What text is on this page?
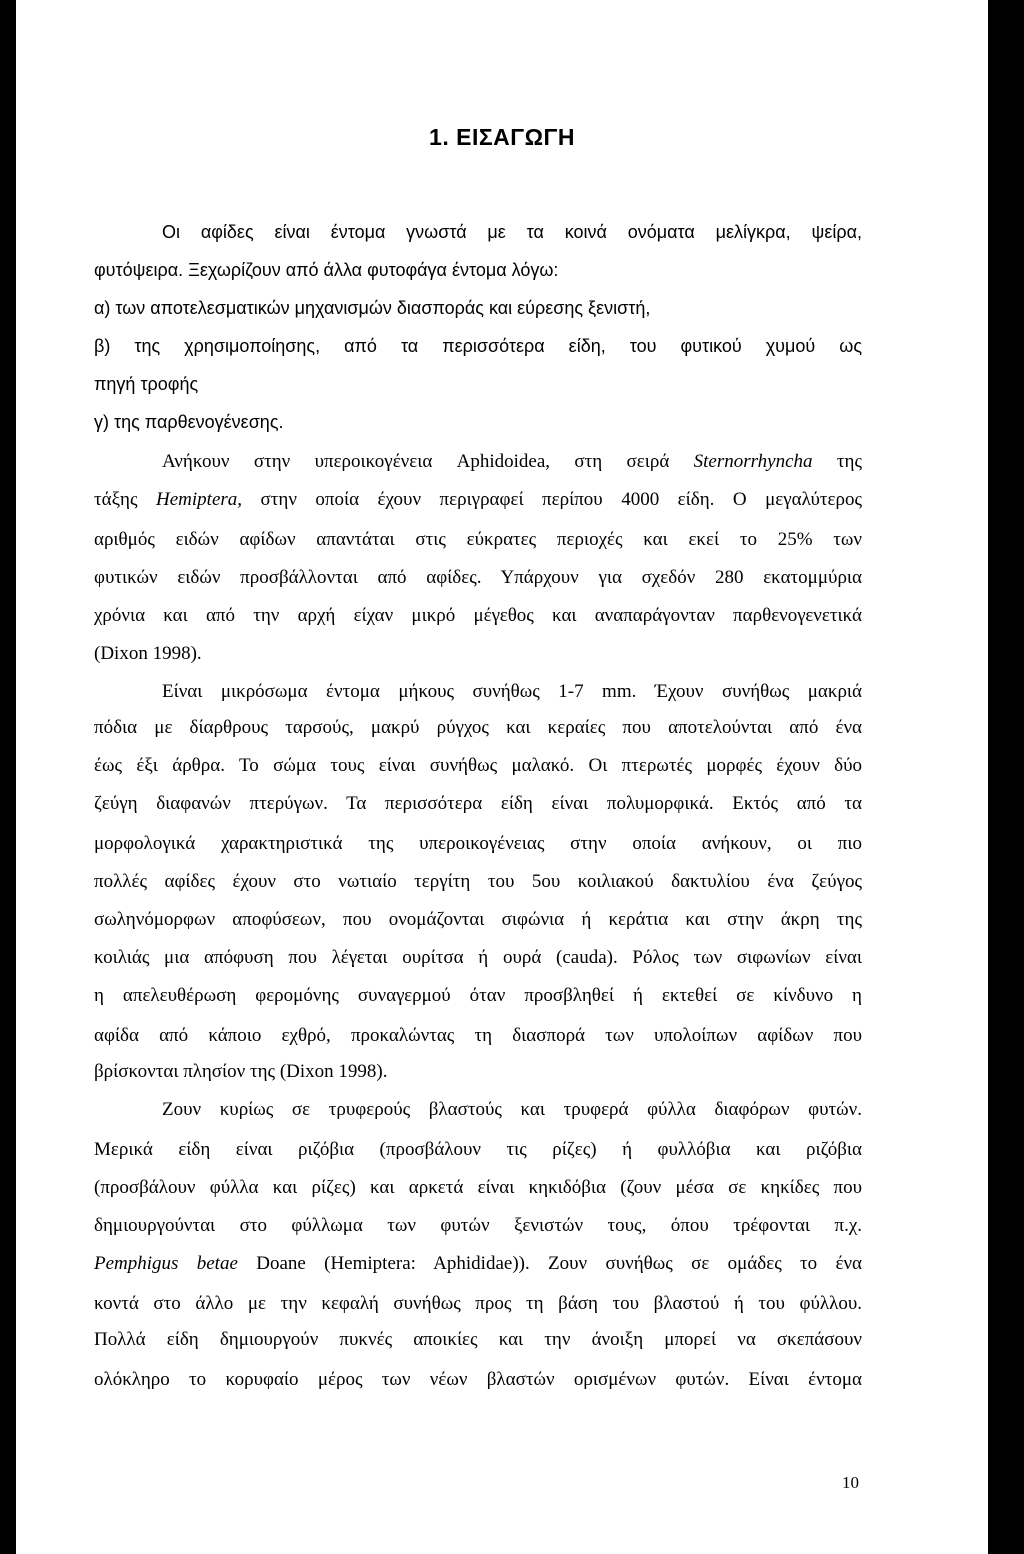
1. ΕΙΣΑΓΩΓΗ
Οι αφίδες είναι έντομα γνωστά με τα κοινά ονόματα μελίγκρα, ψείρα,
φυτόψειρα. Ξεχωρίζουν από άλλα φυτοφάγα έντομα λόγω:
α) των αποτελεσματικών μηχανισμών διασποράς και εύρεσης ξενιστή,
β) της χρησιμοποίησης, από τα περισσότερα είδη, του φυτικού χυμού ως
πηγή τροφής
γ) της παρθενογένεσης.
Ανήκουν στην υπεροικογένεια Aphidoidea, στη σειρά Sternorrhyncha της
τάξης Hemiptera, στην οποία έχουν περιγραφεί περίπου 4000 είδη. Ο μεγαλύτερος
αριθμός ειδών αφίδων απαντάται στις εύκρατες περιοχές και εκεί το 25% των
φυτικών ειδών προσβάλλονται από αφίδες. Υπάρχουν για σχεδόν 280 εκατομμύρια
χρόνια και από την αρχή είχαν μικρό μέγεθος και αναπαράγονταν παρθενογενετικά
(Dixon 1998).
Είναι μικρόσωμα έντομα μήκους συνήθως 1-7 mm. Έχουν συνήθως μακριά
πόδια με δίαρθρους ταρσούς, μακρύ ρύγχος και κεραίες που αποτελούνται από ένα
έως έξι άρθρα. Το σώμα τους είναι συνήθως μαλακό. Οι πτερωτές μορφές έχουν δύο
ζεύγη διαφανών πτερύγων. Τα περισσότερα είδη είναι πολυμορφικά. Εκτός από τα
μορφολογικά χαρακτηριστικά της υπεροικογένειας στην οποία ανήκουν, οι πιο
πολλές αφίδες έχουν στο νωτιαίο τεργίτη του 5ου κοιλιακού δακτυλίου ένα ζεύγος
σωληνόμορφων αποφύσεων, που ονομάζονται σιφώνια ή κεράτια και στην άκρη της
κοιλιάς μια απόφυση που λέγεται ουρίτσα ή ουρά (cauda). Ρόλος των σιφωνίων είναι
η απελευθέρωση φερομόνης συναγερμού όταν προσβληθεί ή εκτεθεί σε κίνδυνο η
αφίδα από κάποιο εχθρό, προκαλώντας τη διασπορά των υπολοίπων αφίδων που
βρίσκονται πλησίον της (Dixon 1998).
Ζουν κυρίως σε τρυφερούς βλαστούς και τρυφερά φύλλα διαφόρων φυτών.
Μερικά είδη είναι ριζόβια (προσβάλουν τις ρίζες) ή φυλλόβια και ριζόβια
(προσβάλουν φύλλα και ρίζες) και αρκετά είναι κηκιδόβια (ζουν μέσα σε κηκίδες που
δημιουργούνται στο φύλλωμα των φυτών ξενιστών τους, όπου τρέφονται π.χ.
Pemphigus betae Doane (Hemiptera: Aphididae)). Ζουν συνήθως σε ομάδες το ένα
κοντά στο άλλο με την κεφαλή συνήθως προς τη βάση του βλαστού ή του φύλλου.
Πολλά είδη δημιουργούν πυκνές αποικίες και την άνοιξη μπορεί να σκεπάσουν
ολόκληρο το κορυφαίο μέρος των νέων βλαστών ορισμένων φυτών. Είναι έντομα
10
